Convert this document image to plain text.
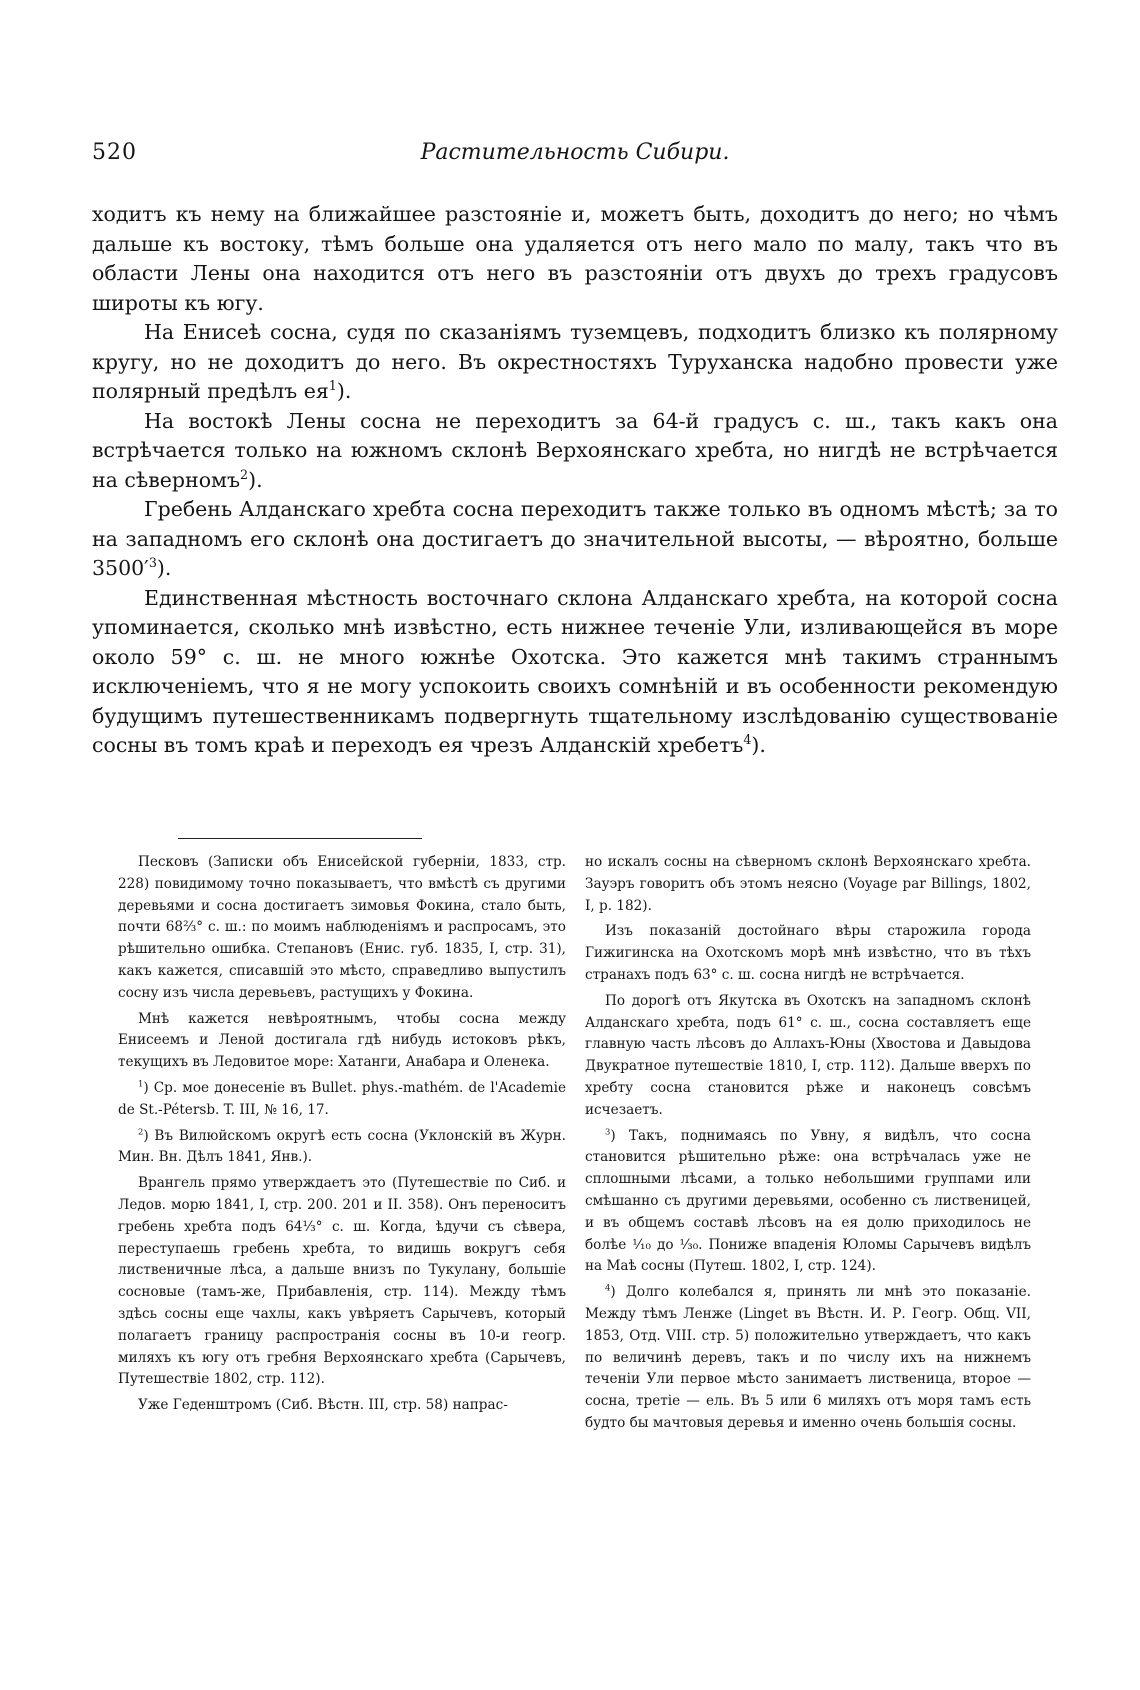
520	Растительность Сибири.

ходитъ къ нему на ближайшее разстояніе и, можетъ быть, доходитъ до него; но чѣмъ дальше къ востоку, тѣмъ больше она удаляется отъ него мало по малу, такъ что въ области Лены она находится отъ него въ разстояніи отъ двухъ до трехъ градусовъ широты къ югу.

На Енисеѣ сосна, судя по сказаніямъ туземцевъ, подходитъ близко къ полярному кругу, но не доходитъ до него. Въ окрестностяхъ Туруханска надобно провести уже полярный предѣлъ $ея^1$).

На востокѣ Лены сосна не переходитъ за 64-й градусъ с. ш., такъ какъ она встрѣчается только на южномъ склонѣ Верхоянскаго хребта, но нигдѣ не встрѣчается на сѣверномъ$^2$).

Гребень Алданскаго хребта сосна переходитъ также только въ одномъ мѣстѣ; за то на западномъ его склонѣ она достигаетъ до значительной высоты, — вѣроятно, больше $3500'^3$).

Единственная мѣстность восточнаго склона Алданскаго хребта, на которой сосна упоминается, сколько мнѣ извѣстно, есть нижнее теченіе Ули, изливающейся въ море около 59° с. ш. не много южнѣе Охотска. Это кажется мнѣ такимъ страннымъ исключеніемъ, что я не могу успокоить своихъ сомнѣній и въ особенности рекомендую будущимъ путешественникамъ подвергнуть тщательному изслѣдованію существованіе сосны въ томъ краѣ и переходъ ея чрезъ Алданскій хребетъ$^4$).

Песковъ (Записки объ Енисейской губерніи, 1833, стр. 228) повидимому точно показываетъ, что вмѣстѣ съ другими деревьями и сосна достигаетъ зимовья Фокина, стало быть, почти 68⅔° с. ш.: по моимъ наблюденіямъ и распросамъ, это рѣшительно ошибка. Степановъ (Енис. губ. 1835, I, стр. 31), какъ кажется, списавшій это мѣсто, справедливо выпустилъ сосну изъ числа деревьевъ, растущихъ у Фокина.

Мнѣ кажется невѣроятнымъ, чтобы сосна между Енисеемъ и Леной достигала гдѣ нибудь истоковъ рѣкъ, текущихъ въ Ледовитое море: Хатанги, Анабара и Оленека.

$^1$) Ср. мое донесеніе въ Bullet. phys.-mathém. de l'Academie de St.-Pétersb. T. III, № 16, 17.

$^2$) Въ Вилюйскомъ округѣ есть сосна (Уклонскій въ Журн. Мин. Вн. Дѣлъ 1841, Янв.).

Врангель прямо утверждаетъ это (Путешествіе по Сиб. и Ледов. морю 1841, I, стр. 200. 201 и II. 358). Онъ переноситъ гребень хребта подъ 64⅓° с. ш. Когда, ѣдучи съ сѣвера, переступаешь гребень хребта, то видишь вокругъ себя лиственичные лѣса, а дальше внизъ по Тукулану, большіе сосновые (тамъ-же, Прибавленія, стр. 114). Между тѣмъ здѣсь сосны еще чахлы, какъ увѣряетъ Сарычевъ, который полагаетъ границу распространія сосны въ 10-и геогр. миляхъ къ югу отъ гребня Верхоянскаго хребта (Сарычевъ, Путешествіе 1802, стр. 112).

Уже Геденштромъ (Сиб. Вѣстн. III, стр. 58) напрас-

но искалъ сосны на сѣверномъ склонѣ Верхоянскаго хребта. Зауэръ говоритъ объ этомъ неясно (Voyage par Billings, 1802, I, p. 182).

Изъ показаній достойнаго вѣры старожила города Гижигинска на Охотскомъ морѣ мнѣ извѣстно, что въ тѣхъ странахъ подъ 63° с. ш. сосна нигдѣ не встрѣчается.

По дорогѣ отъ Якутска въ Охотскъ на западномъ склонѣ Алданскаго хребта, подъ 61° с. ш., сосна составляетъ еще главную часть лѣсовъ до Аллахъ-Юны (Хвостова и Давыдова Двукратное путешествіе 1810, I, стр. 112). Дальше вверхъ по хребту сосна становится рѣже и наконецъ совсѣмъ исчезаетъ.

$^3$) Такъ, поднимаясь по Увну, я видѣлъ, что сосна становится рѣшительно рѣже: она встрѣчалась уже не сплошными лѣсами, а только небольшими группами или смѣшанно съ другими деревьями, особенно съ лиственицей, и въ общемъ составѣ лѣсовъ на ея долю приходилось не болѣе ¹⁄₁₀ до ¹⁄₃₀. Пониже впаденія Юломы Сарычевъ видѣлъ на Маѣ сосны (Путеш. 1802, I, стр. 124).

$^4$) Долго колебался я, принять ли мнѣ это показаніе. Между тѣмъ Ленже (Linget въ Вѣстн. И. Р. Геогр. Общ. VII, 1853, Отд. VIII. стр. 5) положительно утверждаетъ, что какъ по величинѣ деревъ, такъ и по числу ихъ на нижнемъ теченіи Ули первое мѣсто занимаетъ лиственица, второе — сосна, третіе — ель. Въ 5 или 6 миляхъ отъ моря тамъ есть будто бы мачтовыя деревья и именно очень большія сосны.
